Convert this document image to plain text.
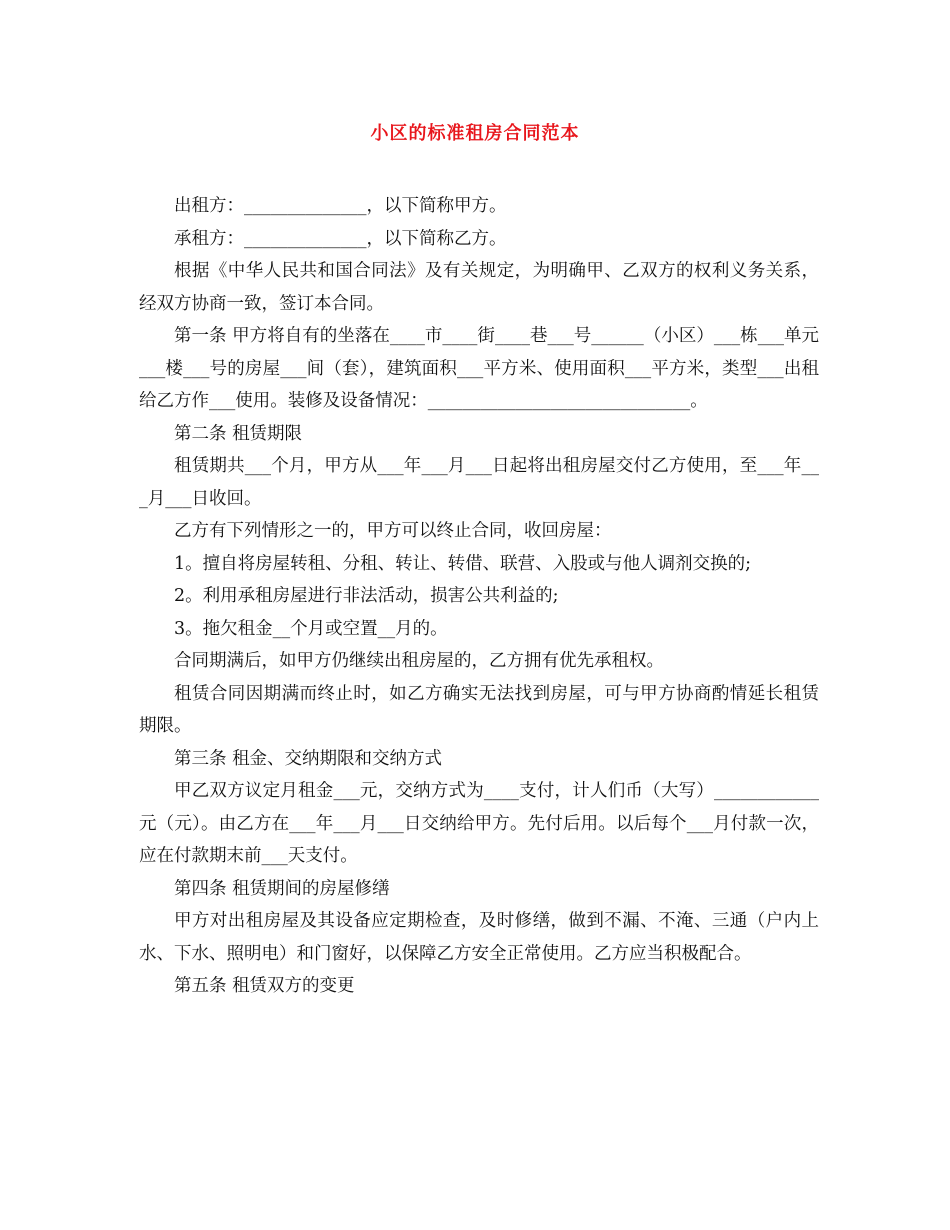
小区的标准租房合同范本

出租方：______________，以下简称甲方。

承租方：______________，以下简称乙方。

根据《中华人民共和国合同法》及有关规定，为明确甲、乙双方的权利义务关系，经双方协商一致，签订本合同。

第一条 甲方将自有的坐落在____市____街____巷___号______（小区）___栋___单元___楼___号的房屋___间（套），建筑面积___平方米、使用面积___平方米，类型___出租给乙方作___使用。装修及设备情况：______________________________。

第二条 租赁期限

租赁期共___个月，甲方从___年___月___日起将出租房屋交付乙方使用，至___年___月___日收回。

乙方有下列情形之一的，甲方可以终止合同，收回房屋：

1。擅自将房屋转租、分租、转让、转借、联营、入股或与他人调剂交换的;

2。利用承租房屋进行非法活动，损害公共利益的;

3。拖欠租金__个月或空置__月的。

合同期满后，如甲方仍继续出租房屋的，乙方拥有优先承租权。

租赁合同因期满而终止时，如乙方确实无法找到房屋，可与甲方协商酌情延长租赁期限。

第三条 租金、交纳期限和交纳方式

甲乙双方议定月租金___元，交纳方式为____支付，计人们币（大写）____________元（元）。由乙方在___年___月___日交纳给甲方。先付后用。以后每个___月付款一次，应在付款期末前___天支付。

第四条 租赁期间的房屋修缮

甲方对出租房屋及其设备应定期检查，及时修缮，做到不漏、不淹、三通（户内上水、下水、照明电）和门窗好，以保障乙方安全正常使用。乙方应当积极配合。

第五条 租赁双方的变更
